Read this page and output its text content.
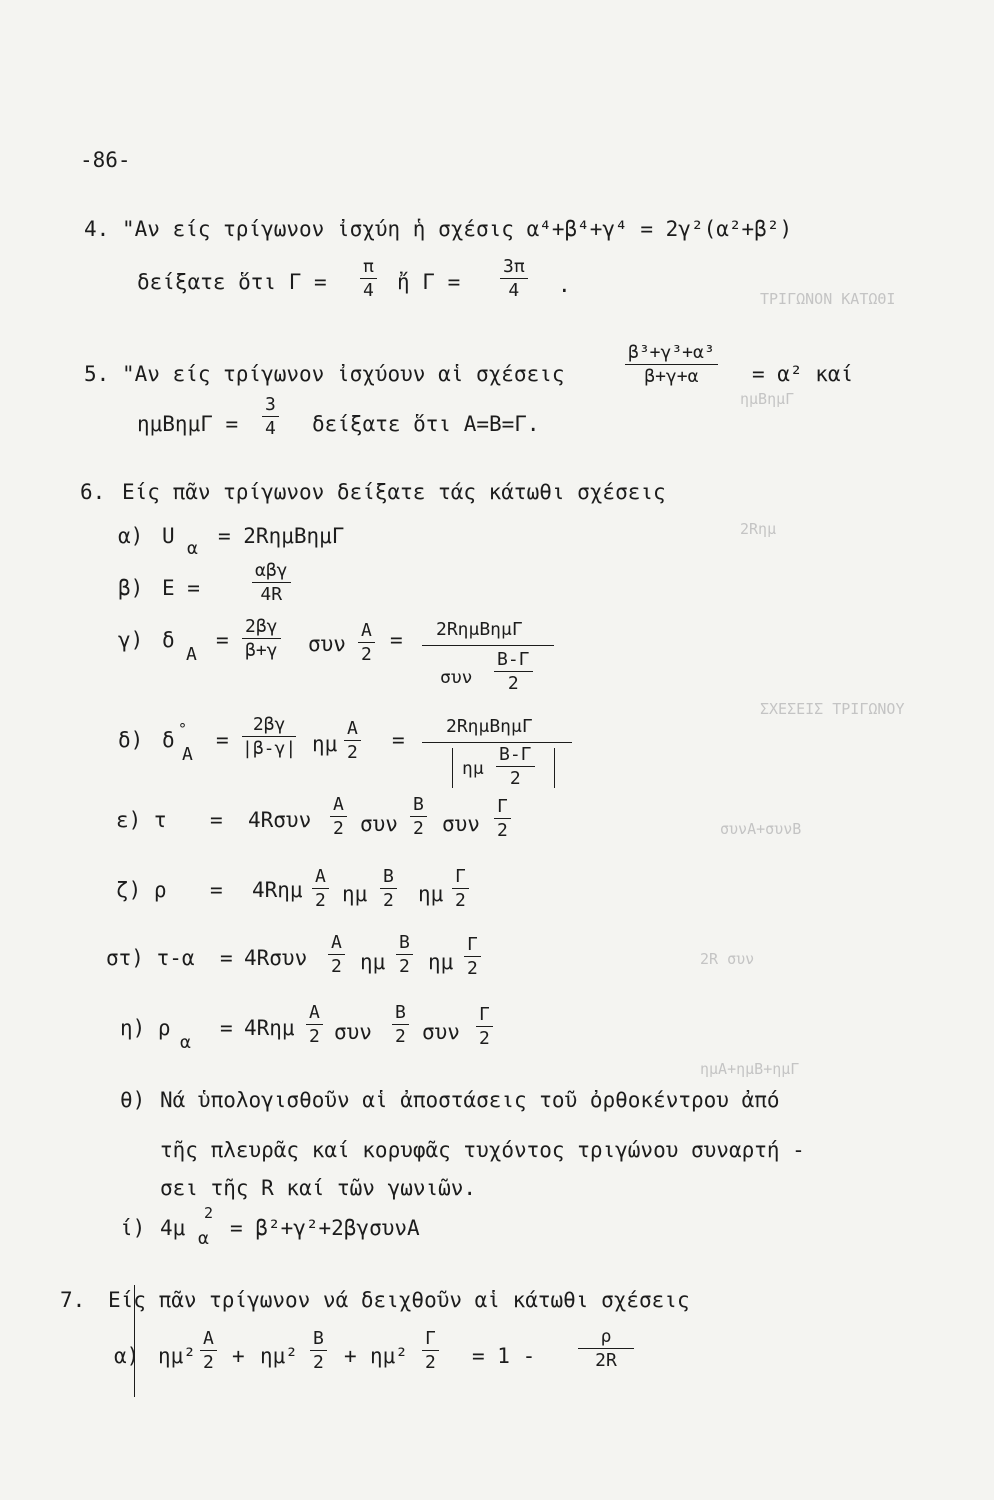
ΤΡΙΓΩΝΟΝ ΚΑΤΩΘΙ
ημΒημΓ
2Rημ
ΣΧΕΣΕΙΣ ΤΡΙΓΩΝΟΥ
συνΑ+συνΒ
2R συν
ημΑ+ημΒ+ημΓ
-86-
4. "Αν είς τρίγωνον ἰσχύη ἡ σχέσις α⁴+β⁴+γ⁴ = 2γ²(α²+β²)
δείξατε ὅτι $\Gamma = \frac{\pi}{4}$ ἤ $\Gamma = \frac{3\pi}{4}$ .
5. "Αν είς τρίγωνον ἰσχύουν αἱ σχέσεις	$\frac{\text{β³+γ³+α³}}{\beta+\gamma+\alpha} = \alpha^2$ καί
$\eta\mu B\eta\mu\Gamma = \frac{3}{4}$ δείξατε ὅτι Α=Β=Γ.
6. Είς πᾶν τρίγωνον δείξατε τάς κάτωθι σχέσεις
α) U
α
= 2RημΒημΓ
β) Ε =
αβγ
4R
γ) δ
Α
= $\frac{2\beta\gamma}{\beta+\gamma}$ συν $\frac{A}{2} = 2R\eta\mu B\eta\mu\Gamma$
συν $\frac{B-\Gamma}{2}$
δ) δ °
Α
= $\frac{2\beta\gamma}{|\beta-\gamma|}$ ημ $\frac{A}{2}$ =
2RημΒημΓ
ημ $\frac{B-\Gamma}{2}$
ε) $\tau = 4R\sigma\upsilon\nu \frac{A}{2}$ συν $\frac{B}{2}$ συν $\frac{\Gamma}{2}$
ζ) $\rho = 4R\eta\mu \frac{A}{2}$ ημ $\frac{B}{2}$ ημ $\frac{\Gamma}{2}$
στ) $\tau-\alpha = 4R\sigma\upsilon\nu \frac{A}{2}$ ημ $\frac{B}{2}$ ημ $\frac{\Gamma}{2}$
η) ρ
α
= $4R\eta\mu \frac{A}{2}$ συν $\frac{B}{2}$ συν $\frac{\Gamma}{2}$
θ) Νά ὑπολογισθοῦν αἱ ἀποστάσεις τοῦ ὀρθοκέντρου ἀπό
τῆς πλευρᾶς καί κορυφᾶς τυχόντος τριγώνου συναρτή -
σει τῆς R καί τῶν γωνιῶν.
ί) 4μ
2
α = β²+γ²+2βγσυνΑ
7. Είς πᾶν τρίγωνον νά δειχθοῦν αἱ κάτωθι σχέσεις
α) $\eta\mu^2 \frac{A}{2} + \eta\mu^2 \frac{B}{2} + \eta\mu^2 \frac{\Gamma}{2} = 1 - \frac{\rho}{2R}$
